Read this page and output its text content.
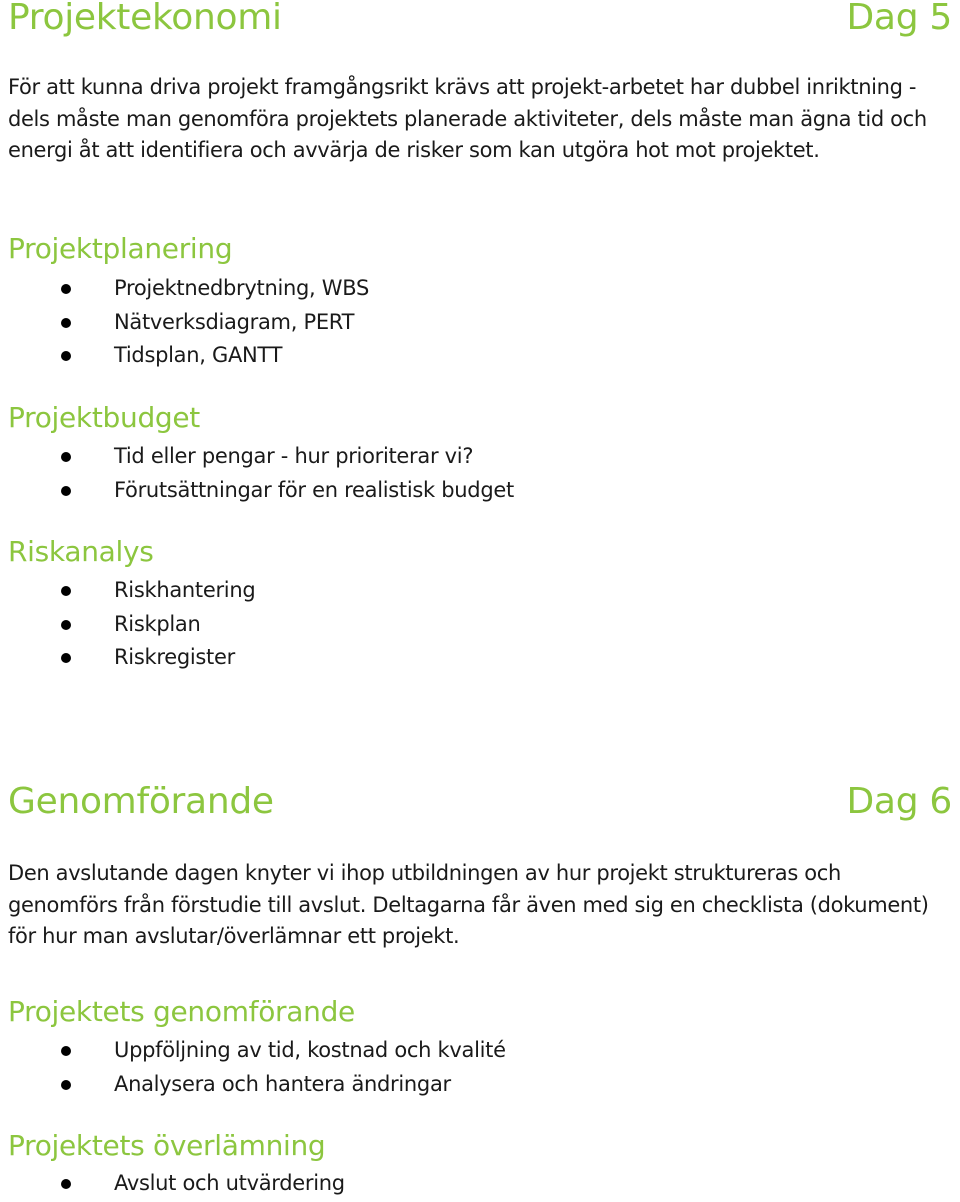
Projektekonomi	Dag 5
För att kunna driva projekt framgångsrikt krävs att projekt-arbetet har dubbel inriktning - dels måste man genomföra projektets planerade aktiviteter, dels måste man ägna tid och energi åt att identifiera och avvärja de risker som kan utgöra hot mot projektet.
Projektplanering
Projektnedbrytning, WBS
Nätverksdiagram, PERT
Tidsplan, GANTT
Projektbudget
Tid eller pengar - hur prioriterar vi?
Förutsättningar för en realistisk budget
Riskanalys
Riskhantering
Riskplan
Riskregister
Genomförande	Dag 6
Den avslutande dagen knyter vi ihop utbildningen av hur projekt struktureras och genomförs från förstudie till avslut. Deltagarna får även med sig en checklista (dokument) för hur man avslutar/överlämnar ett projekt.
Projektets genomförande
Uppföljning av tid, kostnad och kvalité
Analysera och hantera ändringar
Projektets överlämning
Avslut och utvärdering
